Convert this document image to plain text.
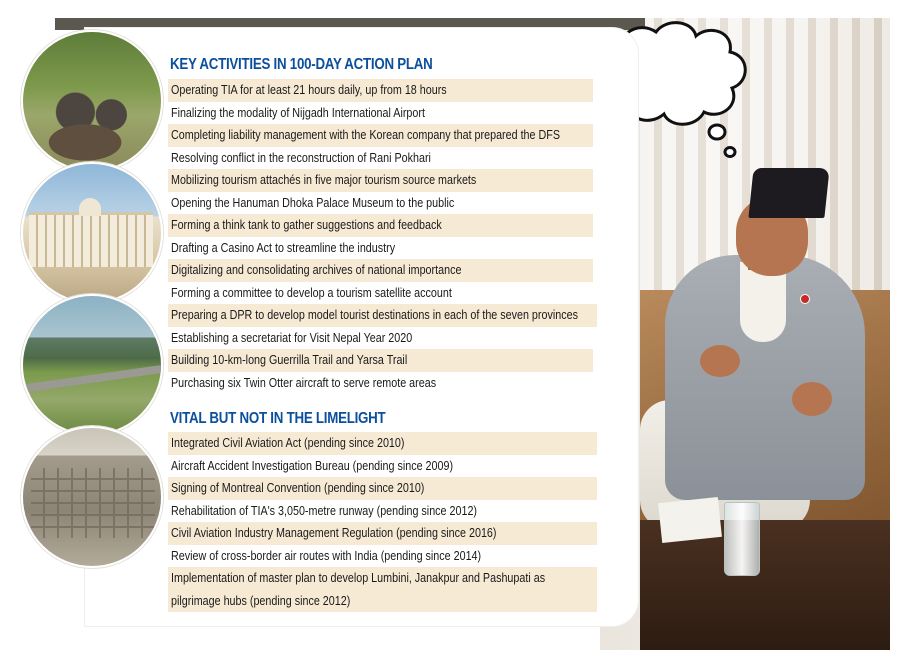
KEY ACTIVITIES IN 100-DAY ACTION PLAN
Operating TIA for at least 21 hours daily, up from 18 hours
Finalizing the modality of Nijgadh International Airport
Completing liability management with the Korean company that prepared the DFS
Resolving conflict in the reconstruction of Rani Pokhari
Mobilizing tourism attachés in five major tourism source markets
Opening the Hanuman Dhoka Palace Museum to the public
Forming a think tank to gather suggestions and feedback
Drafting a Casino Act to streamline the industry
Digitalizing and consolidating archives of national importance
Forming a committee to develop a tourism satellite account
Preparing a DPR to develop model tourist destinations in each of the seven provinces
Establishing a secretariat for Visit Nepal Year 2020
Building 10-km-long Guerrilla Trail and Yarsa Trail
Purchasing six Twin Otter aircraft to serve remote areas
VITAL BUT NOT IN THE LIMELIGHT
Integrated Civil Aviation Act (pending since 2010)
Aircraft Accident Investigation Bureau (pending since 2009)
Signing of Montreal Convention (pending since 2010)
Rehabilitation of TIA's 3,050-metre runway (pending since 2012)
Civil Aviation Industry Management Regulation (pending since 2016)
Review of cross-border air routes with India (pending since 2014)
Implementation of master plan to develop Lumbini, Janakpur and Pashupati as
pilgrimage hubs (pending since 2012)
